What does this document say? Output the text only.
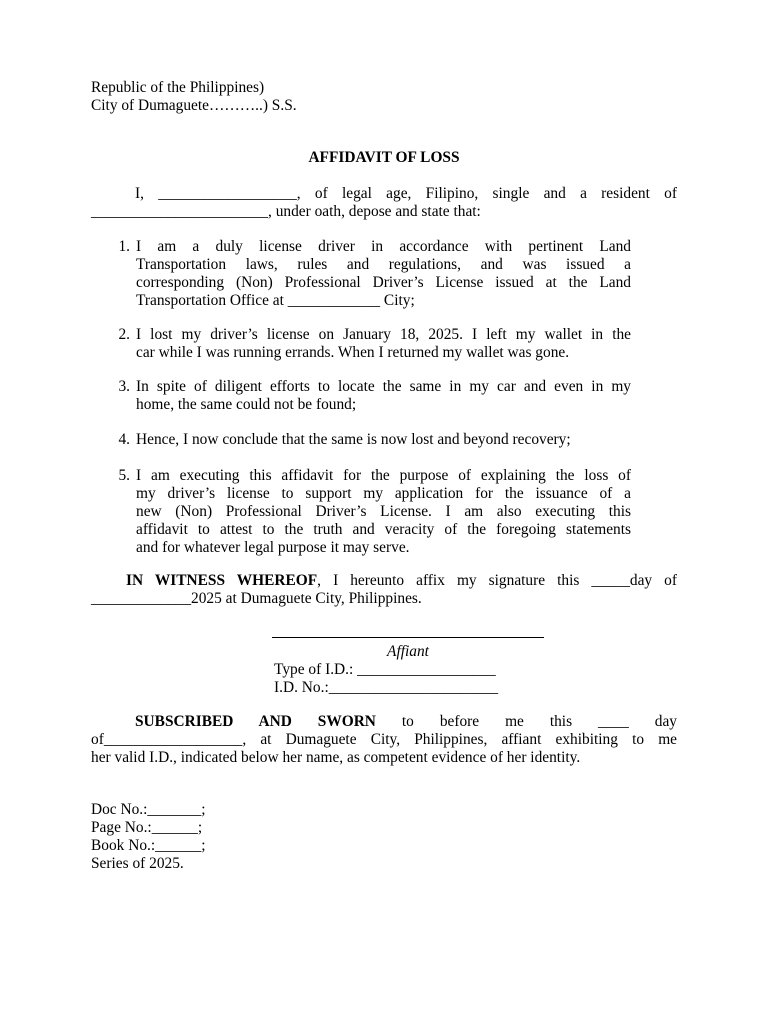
Republic of the Philippines)
City of Dumaguete………..) S.S.
AFFIDAVIT OF LOSS
I, __________________, of legal age, Filipino, single and a resident of
_______________________, under oath, depose and state that:
1. I am a duly license driver in accordance with pertinent Land
Transportation laws, rules and regulations, and was issued a
corresponding (Non) Professional Driver’s License issued at the Land
Transportation Office at ____________ City;
2. I lost my driver’s license on January 18, 2025. I left my wallet in the
car while I was running errands. When I returned my wallet was gone.
3. In spite of diligent efforts to locate the same in my car and even in my
home, the same could not be found;
4. Hence, I now conclude that the same is now lost and beyond recovery;
5. I am executing this affidavit for the purpose of explaining the loss of
my driver’s license to support my application for the issuance of a
new (Non) Professional Driver’s License. I am also executing this
affidavit to attest to the truth and veracity of the foregoing statements
and for whatever legal purpose it may serve.
IN WITNESS WHEREOF, I hereunto affix my signature this _____day of
_____________2025 at Dumaguete City, Philippines.
Affiant
Type of I.D.: __________________
I.D. No.:______________________
SUBSCRIBED AND SWORN to before me this ____ day
of__________________, at Dumaguete City, Philippines, affiant exhibiting to me
her valid I.D., indicated below her name, as competent evidence of her identity.
Doc No.:_______;
Page No.:______;
Book No.:______;
Series of 2025.
